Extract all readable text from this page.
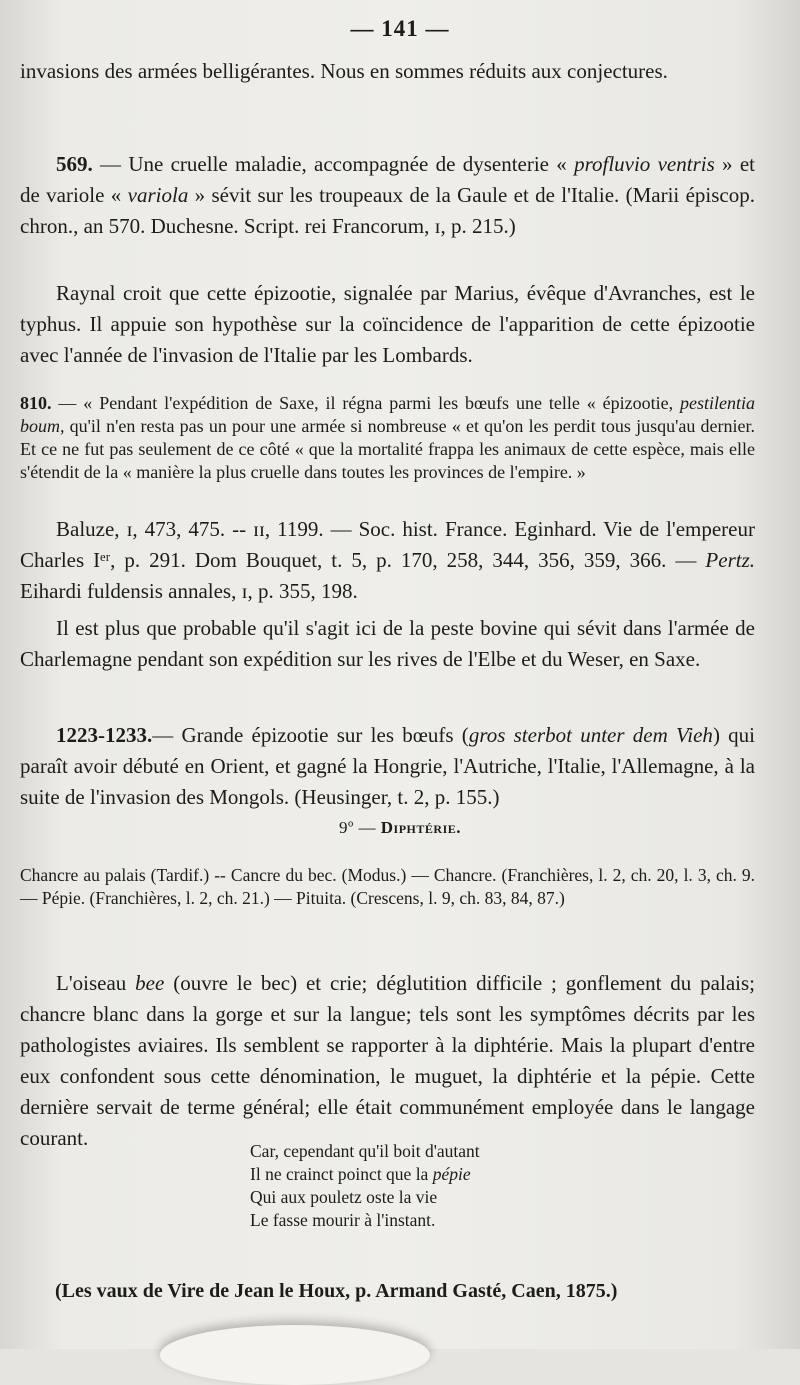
— 141 —

invasions des armées belligérantes. Nous en sommes réduits aux conjectures.

569. — Une cruelle maladie, accompagnée de dysenterie « profluvio ventris » et de variole « variola » sévit sur les troupeaux de la Gaule et de l'Italie. (Marii épiscop. chron., an 570. Duchesne. Script. rei Francorum, ɪ, p. 215.)

Raynal croit que cette épizootie, signalée par Marius, évêque d'Avranches, est le typhus. Il appuie son hypothèse sur la coïncidence de l'apparition de cette épizootie avec l'année de l'invasion de l'Italie par les Lombards.

810. — « Pendant l'expédition de Saxe, il régna parmi les bœufs une telle « épizootie, pestilentia boum, qu'il n'en resta pas un pour une armée si nombreuse « et qu'on les perdit tous jusqu'au dernier. Et ce ne fut pas seulement de ce côté « que la mortalité frappa les animaux de cette espèce, mais elle s'étendit de la « manière la plus cruelle dans toutes les provinces de l'empire. »

Baluze, ɪ, 473, 475. -- ɪɪ, 1199. — Soc. hist. France. Eginhard. Vie de l'empereur Charles Iᵉʳ, p. 291. Dom Bouquet, t. 5, p. 170, 258, 344, 356, 359, 366. — Pertz. Eihardi fuldensis annales, ɪ, p. 355, 198.

Il est plus que probable qu'il s'agit ici de la peste bovine qui sévit dans l'armée de Charlemagne pendant son expédition sur les rives de l'Elbe et du Weser, en Saxe.

1223-1233.— Grande épizootie sur les bœufs (gros sterbot unter dem Vieh) qui paraît avoir débuté en Orient, et gagné la Hongrie, l'Autriche, l'Italie, l'Allemagne, à la suite de l'invasion des Mongols. (Heusinger, t. 2, p. 155.)

9º — Diphtérie.

Chancre au palais (Tardif.) -- Cancre du bec. (Modus.) — Chancre. (Franchières, l. 2, ch. 20, l. 3, ch. 9. — Pépie. (Franchières, l. 2, ch. 21.) — Pituita. (Crescens, l. 9, ch. 83, 84, 87.)

L'oiseau bee (ouvre le bec) et crie; déglutition difficile ; gonflement du palais; chancre blanc dans la gorge et sur la langue; tels sont les symptômes décrits par les pathologistes aviaires. Ils semblent se rapporter à la diphtérie. Mais la plupart d'entre eux confondent sous cette dénomination, le muguet, la diphtérie et la pépie. Cette dernière servait de terme général; elle était communément employée dans le langage courant.

Car, cependant qu'il boit d'autant
Il ne crainct poinct que la pépie
Qui aux pouletz oste la vie
Le fasse mourir à l'instant.
(Les vaux de Vire de Jean le Houx, p. Armand Gasté, Caen, 1875.)
